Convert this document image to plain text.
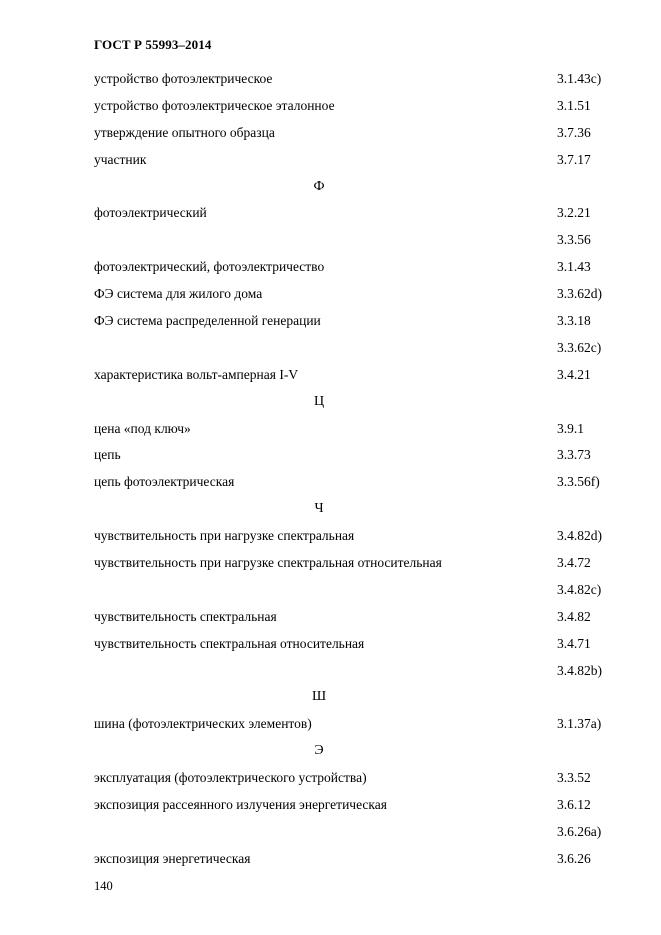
ГОСТ Р 55993–2014
устройство фотоэлектрическое	3.1.43c)
устройство фотоэлектрическое эталонное	3.1.51
утверждение опытного образца	3.7.36
участник	3.7.17
Ф
фотоэлектрический	3.2.21
3.3.56
фотоэлектрический, фотоэлектричество	3.1.43
ФЭ система для жилого дома	3.3.62d)
ФЭ система распределенной генерации	3.3.18
3.3.62c)
характеристика вольт-амперная I-V	3.4.21
Ц
цена «под ключ»	3.9.1
цепь	3.3.73
цепь фотоэлектрическая	3.3.56f)
Ч
чувствительность при нагрузке спектральная	3.4.82d)
чувствительность при нагрузке спектральная относительная	3.4.72
3.4.82c)
чувствительность спектральная	3.4.82
чувствительность спектральная относительная	3.4.71
3.4.82b)
Ш
шина (фотоэлектрических элементов)	3.1.37a)
Э
эксплуатация (фотоэлектрического устройства)	3.3.52
экспозиция рассеянного излучения энергетическая	3.6.12
3.6.26a)
экспозиция энергетическая	3.6.26
140
